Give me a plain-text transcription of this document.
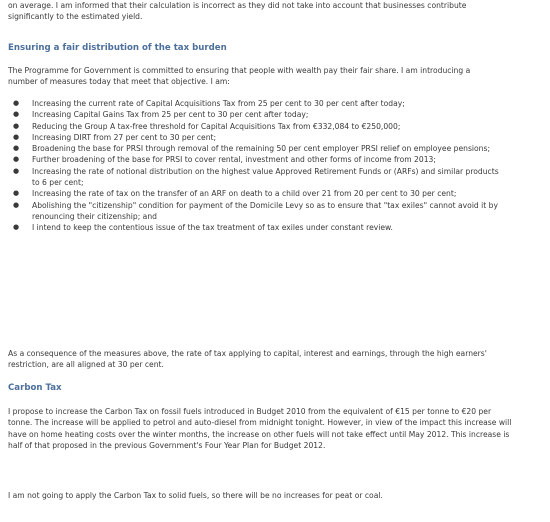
on average. I am informed that their calculation is incorrect as they did not take into account that businesses contribute significantly to the estimated yield.

Ensuring a fair distribution of the tax burden

The Programme for Government is committed to ensuring that people with wealth pay their fair share. I am introducing a number of measures today that meet that objective. I am:

● Increasing the current rate of Capital Acquisitions Tax from 25 per cent to 30 per cent after today;
● Increasing Capital Gains Tax from 25 per cent to 30 per cent after today;
● Reducing the Group A tax-free threshold for Capital Acquisitions Tax from €332,084 to €250,000;
● Increasing DIRT from 27 per cent to 30 per cent;
● Broadening the base for PRSI through removal of the remaining 50 per cent employer PRSI relief on employee pensions;
● Further broadening of the base for PRSI to cover rental, investment and other forms of income from 2013;
● Increasing the rate of notional distribution on the highest value Approved Retirement Funds or (ARFs) and similar products to 6 per cent;
● Increasing the rate of tax on the transfer of an ARF on death to a child over 21 from 20 per cent to 30 per cent;
● Abolishing the "citizenship" condition for payment of the Domicile Levy so as to ensure that "tax exiles" cannot avoid it by renouncing their citizenship; and
● I intend to keep the contentious issue of the tax treatment of tax exiles under constant review.

As a consequence of the measures above, the rate of tax applying to capital, interest and earnings, through the high earners' restriction, are all aligned at 30 per cent.

Carbon Tax

I propose to increase the Carbon Tax on fossil fuels introduced in Budget 2010 from the equivalent of €15 per tonne to €20 per tonne. The increase will be applied to petrol and auto-diesel from midnight tonight. However, in view of the impact this increase will have on home heating costs over the winter months, the increase on other fuels will not take effect until May 2012. This increase is half of that proposed in the previous Government's Four Year Plan for Budget 2012.

I am not going to apply the Carbon Tax to solid fuels, so there will be no increases for peat or coal.
